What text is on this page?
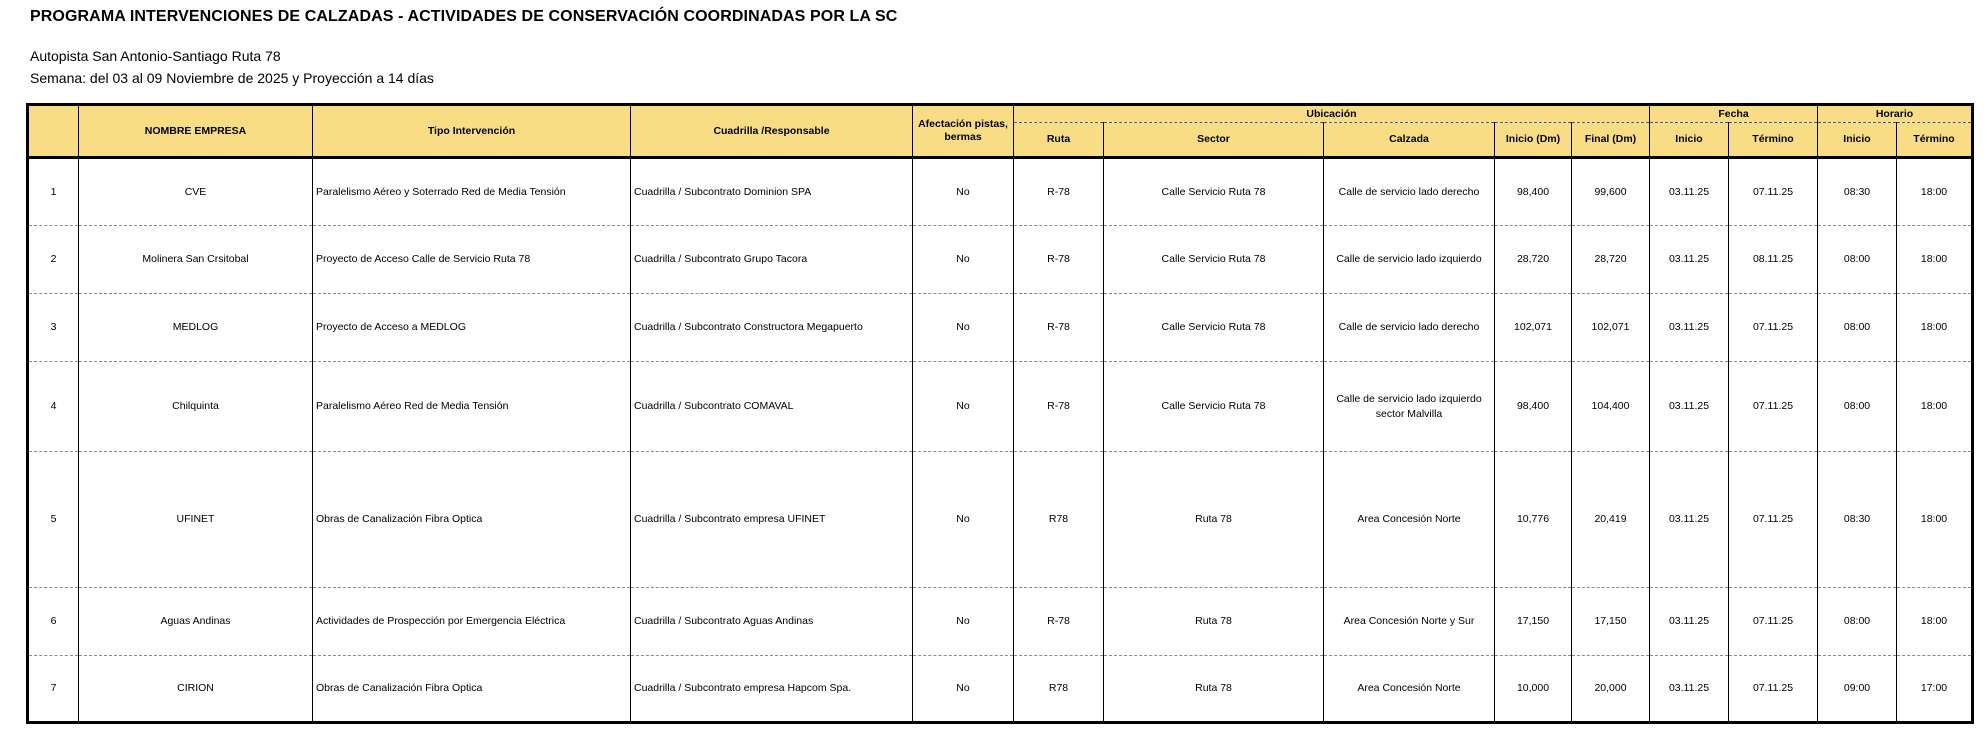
PROGRAMA INTERVENCIONES DE CALZADAS - ACTIVIDADES DE CONSERVACIÓN COORDINADAS POR LA SC
Autopista San Antonio-Santiago Ruta 78
Semana: del 03 al 09 Noviembre de 2025 y Proyección a 14 días
	NOMBRE EMPRESA	Tipo Intervención	Cuadrilla /Responsable	Afectación pistas, bermas	Ubicación					Fecha		Horario	
					Ruta	Sector	Calzada	Inicio (Dm)	Final (Dm)	Inicio	Término	Inicio	Término
1	CVE	Paralelismo Aéreo y Soterrado Red de Media Tensión	Cuadrilla / Subcontrato Dominion SPA	No	R-78	Calle Servicio Ruta 78	Calle de servicio lado derecho	98,400	99,600	03.11.25	07.11.25	08:30	18:00
2	Molinera San Crsitobal	Proyecto de Acceso Calle de Servicio Ruta 78	Cuadrilla / Subcontrato Grupo Tacora	No	R-78	Calle Servicio Ruta 78	Calle de servicio lado izquierdo	28,720	28,720	03.11.25	08.11.25	08:00	18:00
3	MEDLOG	Proyecto de Acceso a MEDLOG	Cuadrilla / Subcontrato Constructora Megapuerto	No	R-78	Calle Servicio Ruta 78	Calle de servicio lado derecho	102,071	102,071	03.11.25	07.11.25	08:00	18:00
4	Chilquinta	Paralelismo Aéreo Red de Media Tensión	Cuadrilla / Subcontrato COMAVAL	No	R-78	Calle Servicio Ruta 78	Calle de servicio lado izquierdo sector Malvilla	98,400	104,400	03.11.25	07.11.25	08:00	18:00
5	UFINET	Obras de Canalización Fibra Optica	Cuadrilla / Subcontrato empresa UFINET	No	R78	Ruta 78	Area Concesión Norte	10,776	20,419	03.11.25	07.11.25	08:30	18:00
6	Aguas Andinas	Actividades de Prospección por Emergencia Eléctrica	Cuadrilla / Subcontrato Aguas Andinas	No	R-78	Ruta 78	Area Concesión Norte y Sur	17,150	17,150	03.11.25	07.11.25	08:00	18:00
7	CIRION	Obras de Canalización Fibra Optica	Cuadrilla / Subcontrato empresa Hapcom Spa.	No	R78	Ruta 78	Area Concesión Norte	10,000	20,000	03.11.25	07.11.25	09:00	17:00
